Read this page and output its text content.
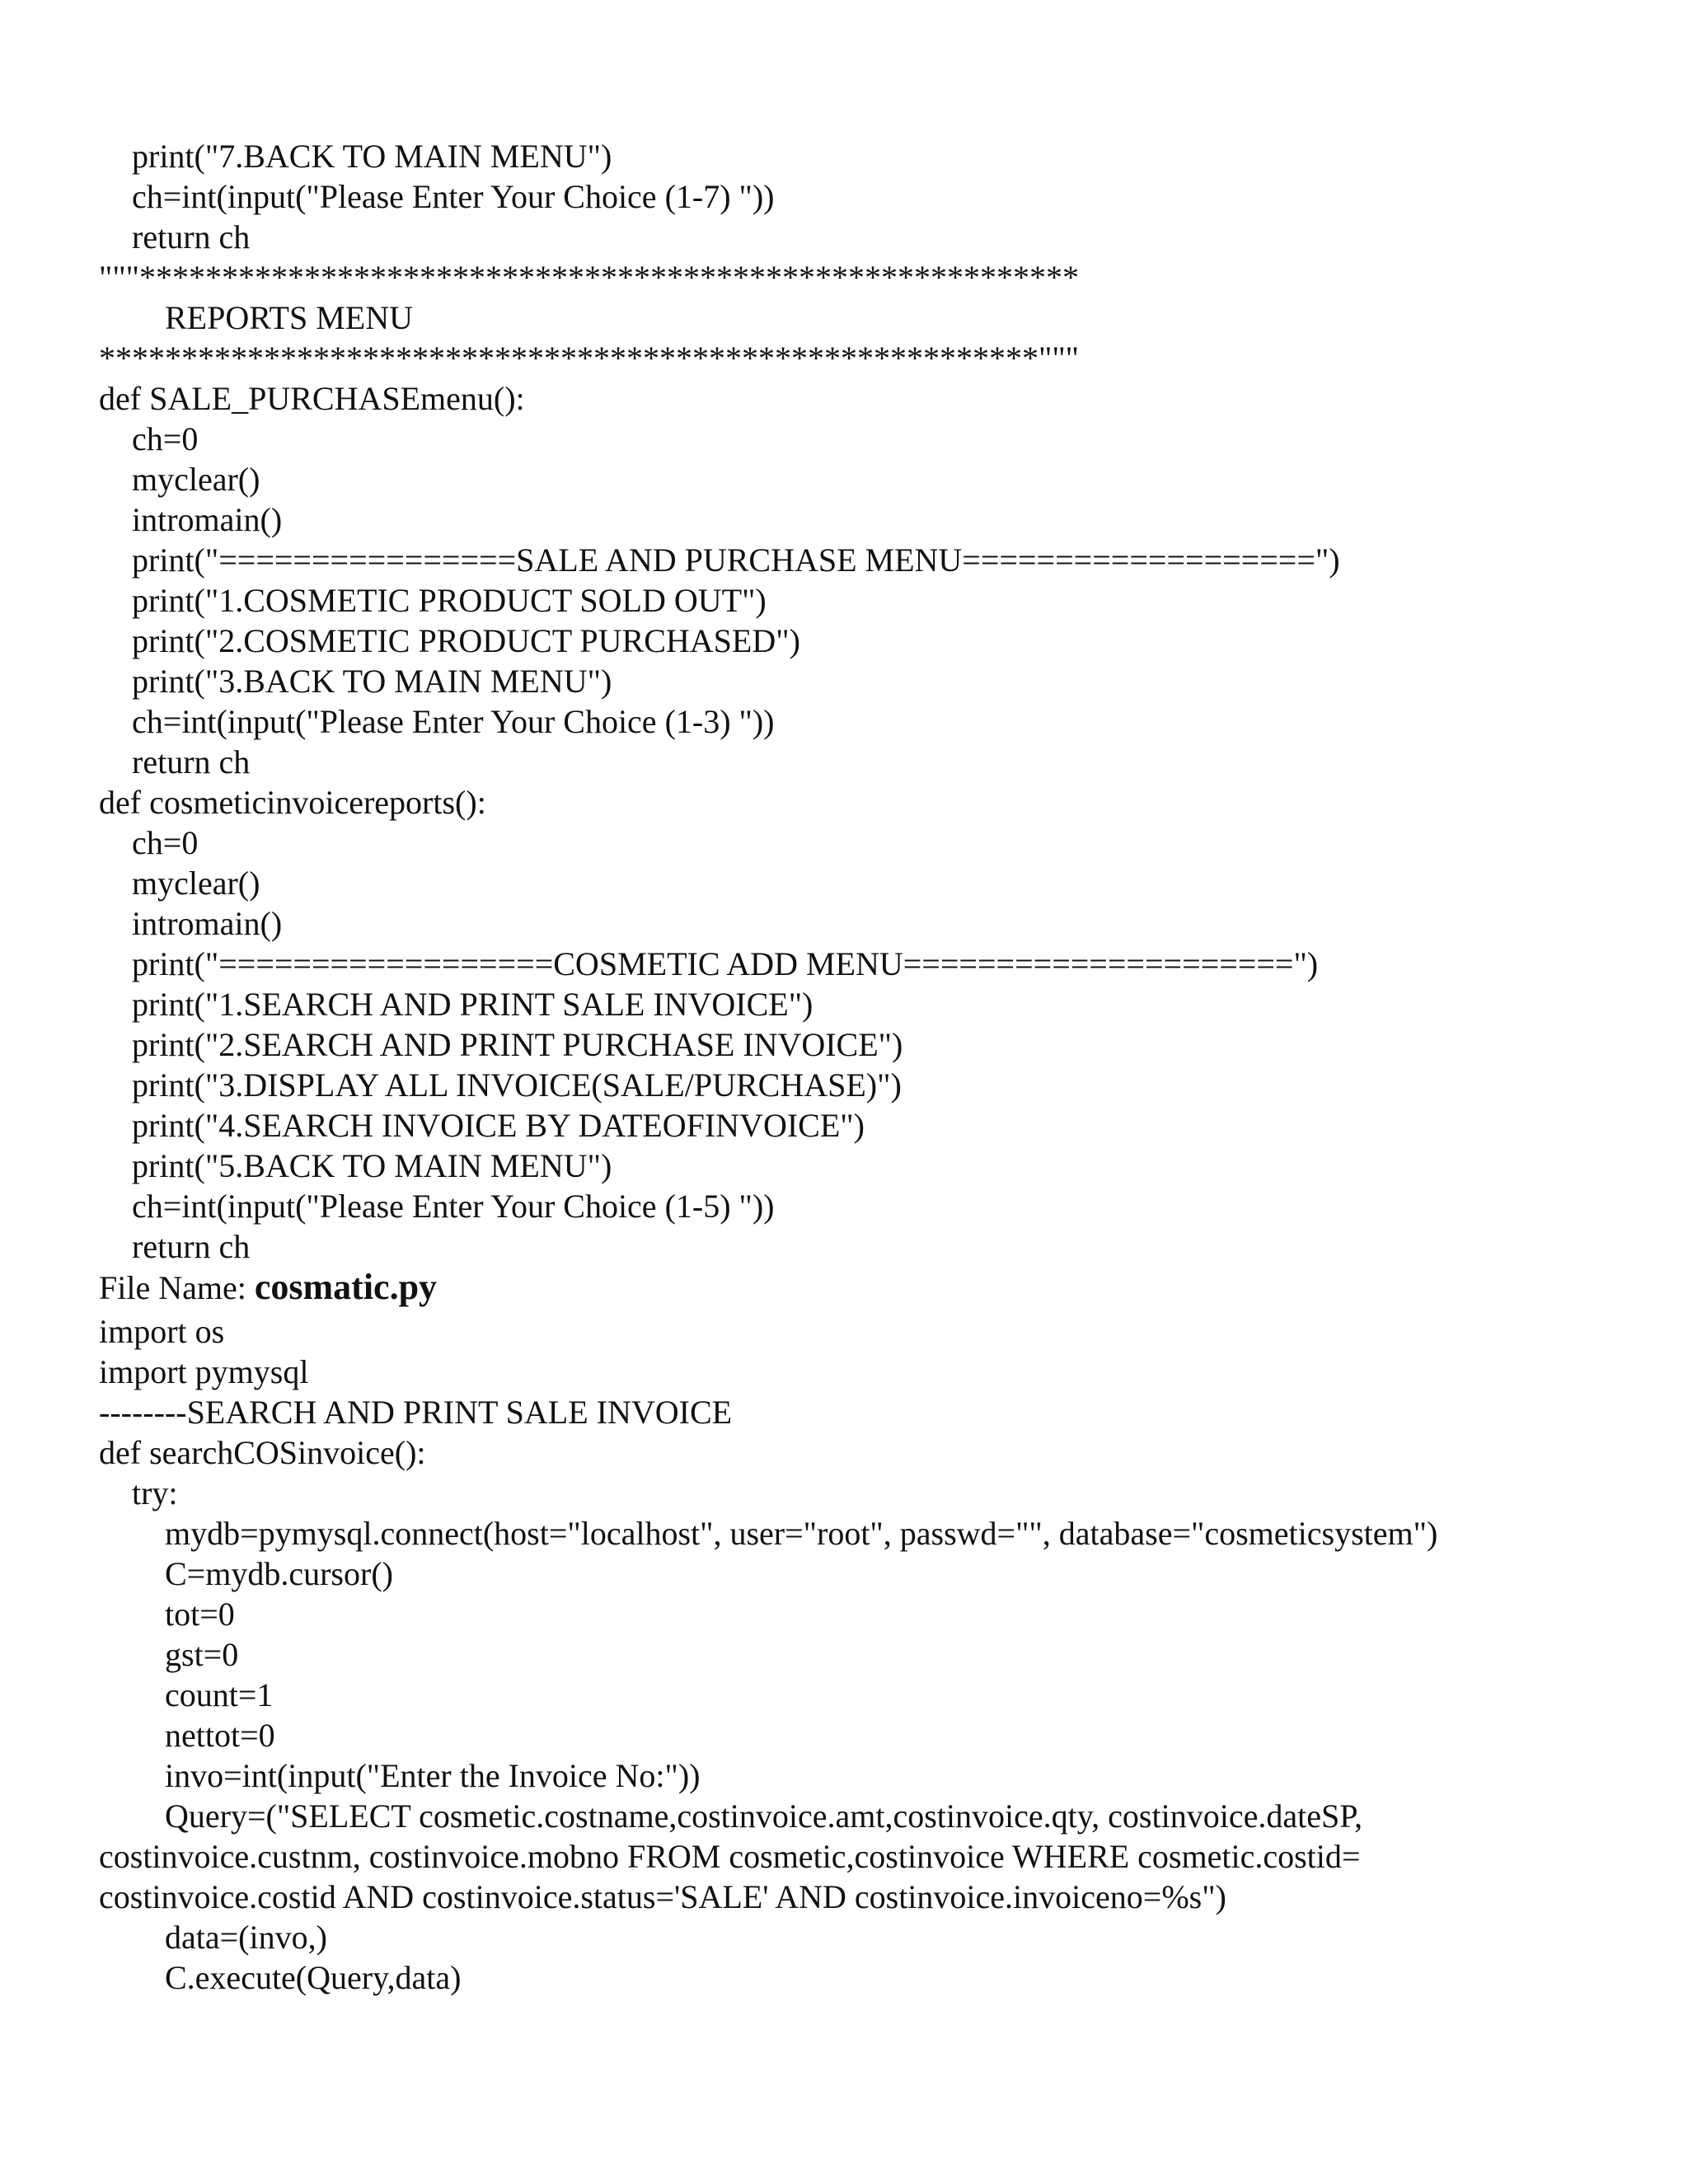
print("7.BACK TO MAIN MENU")
ch=int(input("Please Enter Your Choice (1-7) "))
return ch
"""*********************************************************
REPORTS MENU
*********************************************************"""
def SALE_PURCHASEmenu():
ch=0
myclear()
intromain()
print("================SALE AND PURCHASE MENU===================")
print("1.COSMETIC PRODUCT SOLD OUT")
print("2.COSMETIC PRODUCT PURCHASED")
print("3.BACK TO MAIN MENU")
ch=int(input("Please Enter Your Choice (1-3) "))
return ch
def cosmeticinvoicereports():
ch=0
myclear()
intromain()
print("==================COSMETIC ADD MENU=====================")
print("1.SEARCH AND PRINT SALE INVOICE")
print("2.SEARCH AND PRINT PURCHASE INVOICE")
print("3.DISPLAY ALL INVOICE(SALE/PURCHASE)")
print("4.SEARCH INVOICE BY DATEOFINVOICE")
print("5.BACK TO MAIN MENU")
ch=int(input("Please Enter Your Choice (1-5) "))
return ch
File Name: cosmatic.py
import os
import pymysql
--------SEARCH AND PRINT SALE INVOICE
def searchCOSinvoice():
try:
mydb=pymysql.connect(host="localhost", user="root", passwd="", database="cosmeticsystem")
C=mydb.cursor()
tot=0
gst=0
count=1
nettot=0
invo=int(input("Enter the Invoice No:"))
Query=("SELECT cosmetic.costname,costinvoice.amt,costinvoice.qty, costinvoice.dateSP,
costinvoice.custnm, costinvoice.mobno FROM cosmetic,costinvoice WHERE cosmetic.costid=
costinvoice.costid AND costinvoice.status='SALE' AND costinvoice.invoiceno=%s")
data=(invo,)
C.execute(Query,data)
